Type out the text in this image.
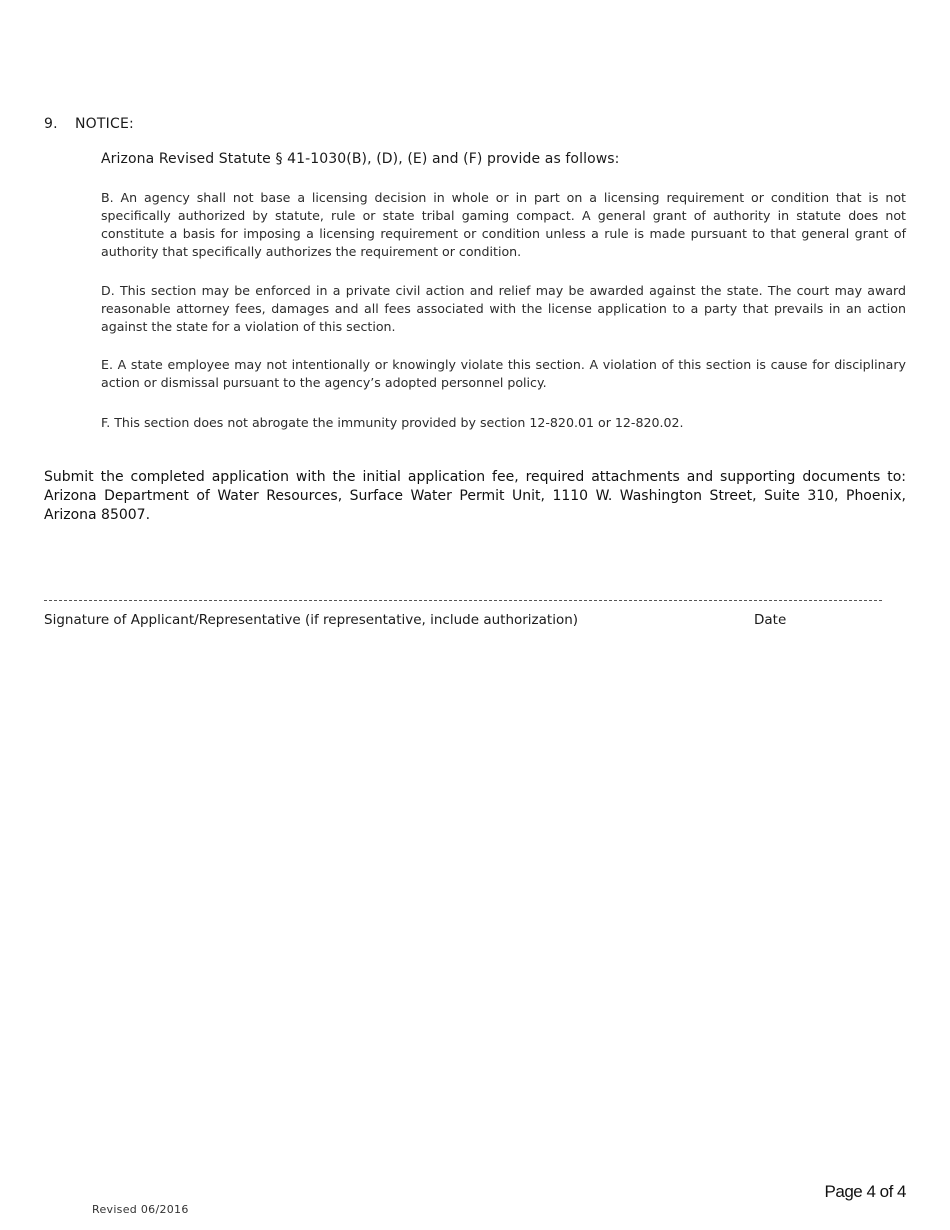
9. NOTICE:
Arizona Revised Statute § 41-1030(B), (D), (E) and (F) provide as follows:
B. An agency shall not base a licensing decision in whole or in part on a licensing requirement or condition that is not specifically authorized by statute, rule or state tribal gaming compact. A general grant of authority in statute does not constitute a basis for imposing a licensing requirement or condition unless a rule is made pursuant to that general grant of authority that specifically authorizes the requirement or condition.
D. This section may be enforced in a private civil action and relief may be awarded against the state. The court may award reasonable attorney fees, damages and all fees associated with the license application to a party that prevails in an action against the state for a violation of this section.
E. A state employee may not intentionally or knowingly violate this section. A violation of this section is cause for disciplinary action or dismissal pursuant to the agency’s adopted personnel policy.
F. This section does not abrogate the immunity provided by section 12-820.01 or 12-820.02.
Submit the completed application with the initial application fee, required attachments and supporting documents to: Arizona Department of Water Resources, Surface Water Permit Unit, 1110 W. Washington Street, Suite 310, Phoenix, Arizona 85007.
Signature of Applicant/Representative (if representative, include authorization)	Date
Page 4 of 4
Revised 06/2016
